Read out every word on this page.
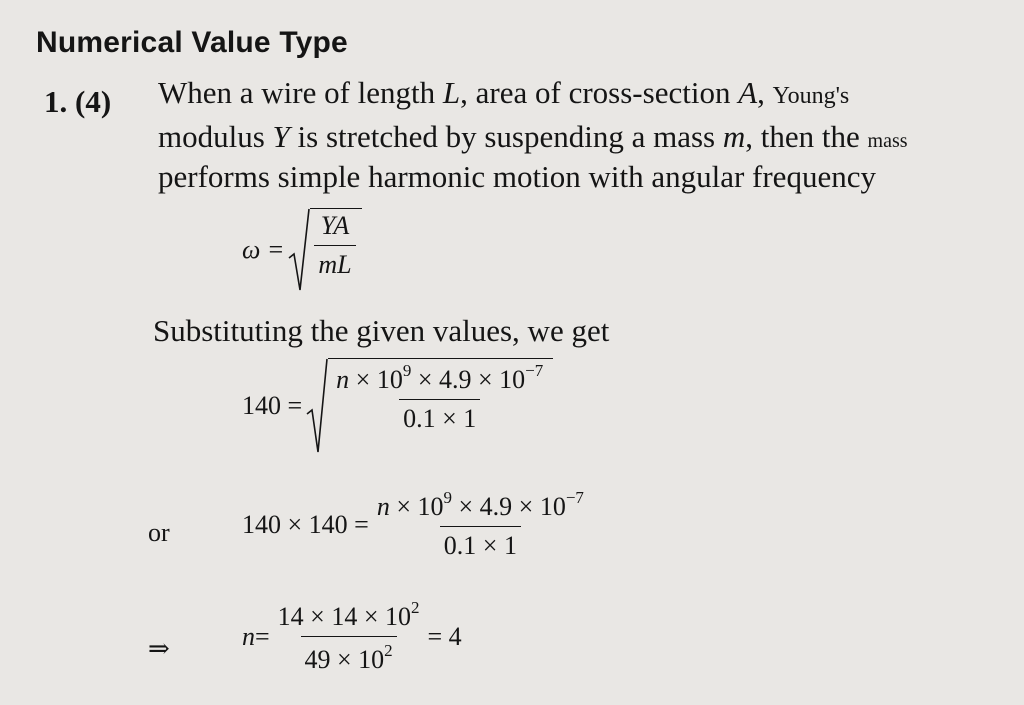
Numerical Value Type
1. (4) When a wire of length L, area of cross-section A, Young's
modulus Y is stretched by suspending a mass m, then the mass
performs simple harmonic motion with angular frequency
$\omega = \frac{YA}{mL}$
Substituting the given values, we get
$140 = \frac{n \times 10^9 \times 4.9 \times 10^{-7}}{0.1 \times 1}$
or	$140 \times 140 = \frac{n \times 10^9 \times 4.9 \times 10^{-7}}{0.1 \times 1}$
⇒	$n = \frac{14 \times 14 \times 10^2}{49 \times 10^2} = 4$
